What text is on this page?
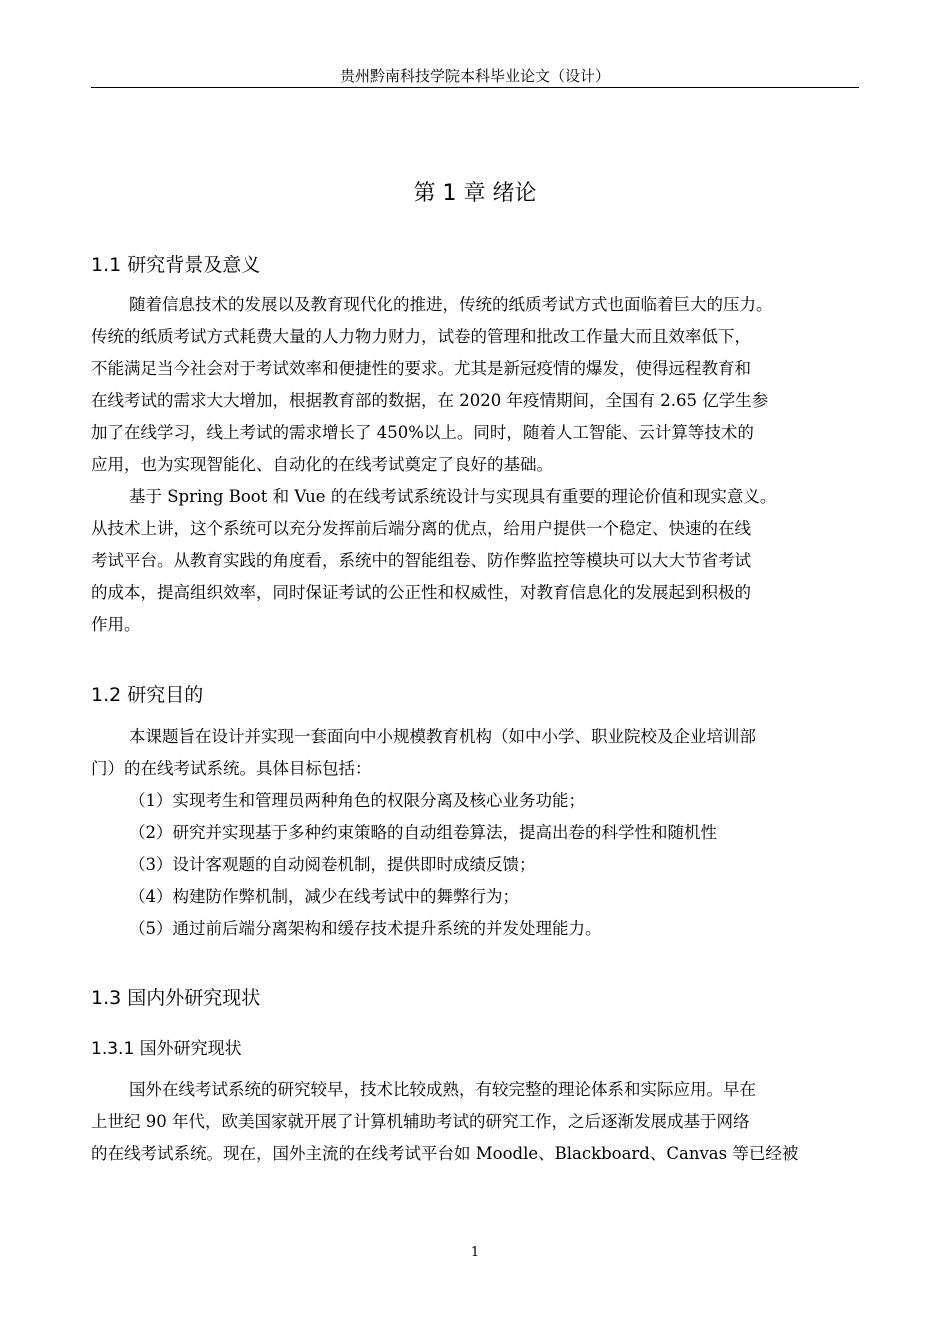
贵州黔南科技学院本科毕业论文（设计）
第 1 章 绪论
1.1 研究背景及意义
随着信息技术的发展以及教育现代化的推进，传统的纸质考试方式也面临着巨大的压力。
传统的纸质考试方式耗费大量的人力物力财力，试卷的管理和批改工作量大而且效率低下，
不能满足当今社会对于考试效率和便捷性的要求。尤其是新冠疫情的爆发，使得远程教育和
在线考试的需求大大增加，根据教育部的数据，在 2020 年疫情期间，全国有 2.65 亿学生参
加了在线学习，线上考试的需求增长了 450%以上。同时，随着人工智能、云计算等技术的
应用，也为实现智能化、自动化的在线考试奠定了良好的基础。
基于 Spring Boot 和 Vue 的在线考试系统设计与实现具有重要的理论价值和现实意义。
从技术上讲，这个系统可以充分发挥前后端分离的优点，给用户提供一个稳定、快速的在线
考试平台。从教育实践的角度看，系统中的智能组卷、防作弊监控等模块可以大大节省考试
的成本，提高组织效率，同时保证考试的公正性和权威性，对教育信息化的发展起到积极的
作用。
1.2 研究目的
本课题旨在设计并实现一套面向中小规模教育机构（如中小学、职业院校及企业培训部
门）的在线考试系统。具体目标包括：
（1）实现考生和管理员两种角色的权限分离及核心业务功能；
（2）研究并实现基于多种约束策略的自动组卷算法，提高出卷的科学性和随机性
（3）设计客观题的自动阅卷机制，提供即时成绩反馈；
（4）构建防作弊机制，减少在线考试中的舞弊行为；
（5）通过前后端分离架构和缓存技术提升系统的并发处理能力。
1.3 国内外研究现状
1.3.1 国外研究现状
国外在线考试系统的研究较早，技术比较成熟，有较完整的理论体系和实际应用。早在
上世纪 90 年代，欧美国家就开展了计算机辅助考试的研究工作，之后逐渐发展成基于网络
的在线考试系统。现在，国外主流的在线考试平台如 Moodle、Blackboard、Canvas 等已经被
1
